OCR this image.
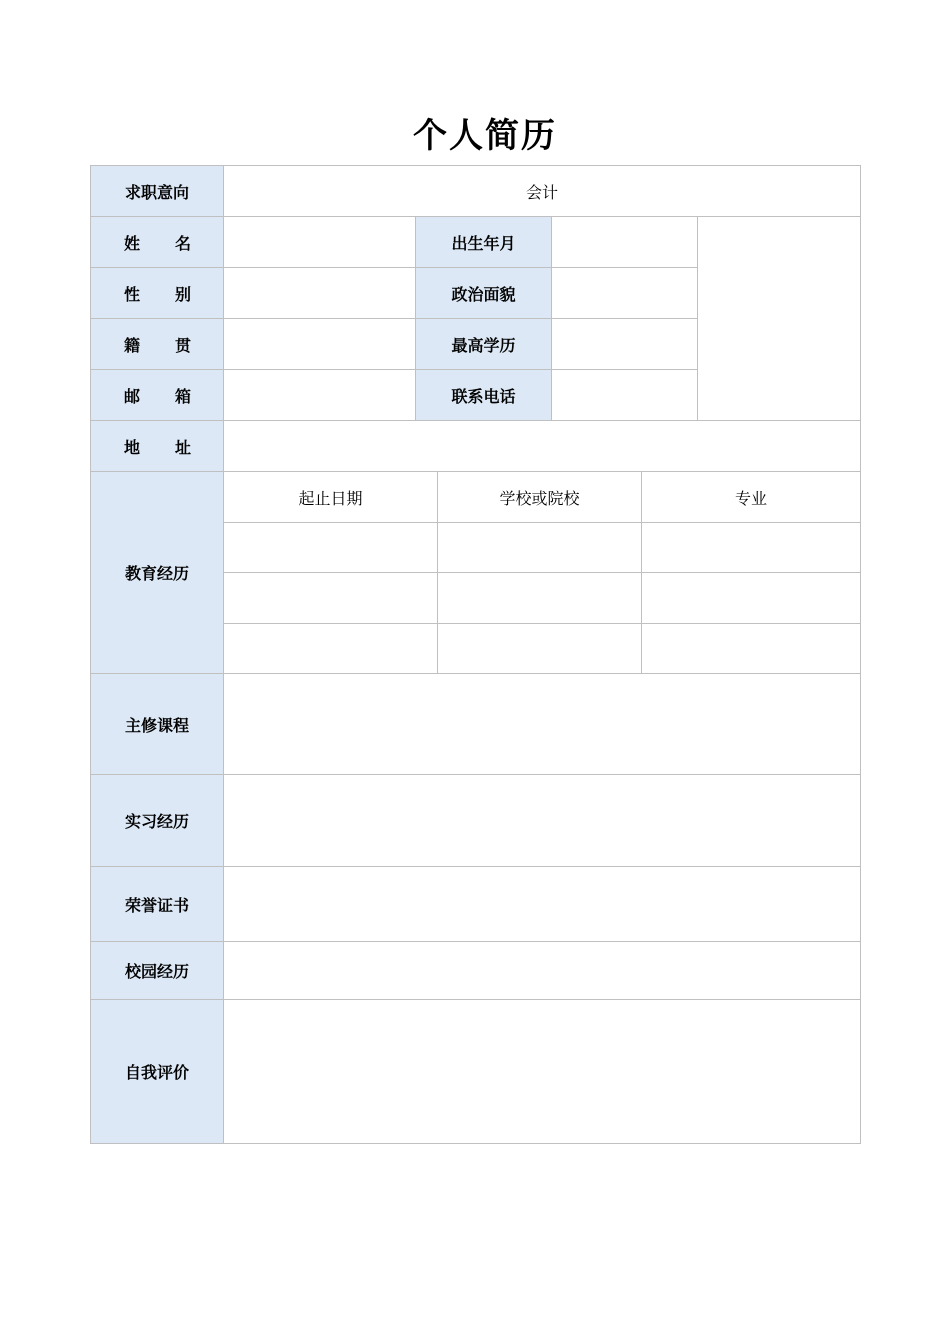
个人简历
求职意向	会计					

姓 名		出生年月				

性 别		政治面貌				

籍 贯		最高学历				

邮 箱		联系电话				

地 址						

教育经历	起止日期		学校或院校		专业	

主修课程						
实习经历						
荣誉证书						
校园经历						
自我评价						
